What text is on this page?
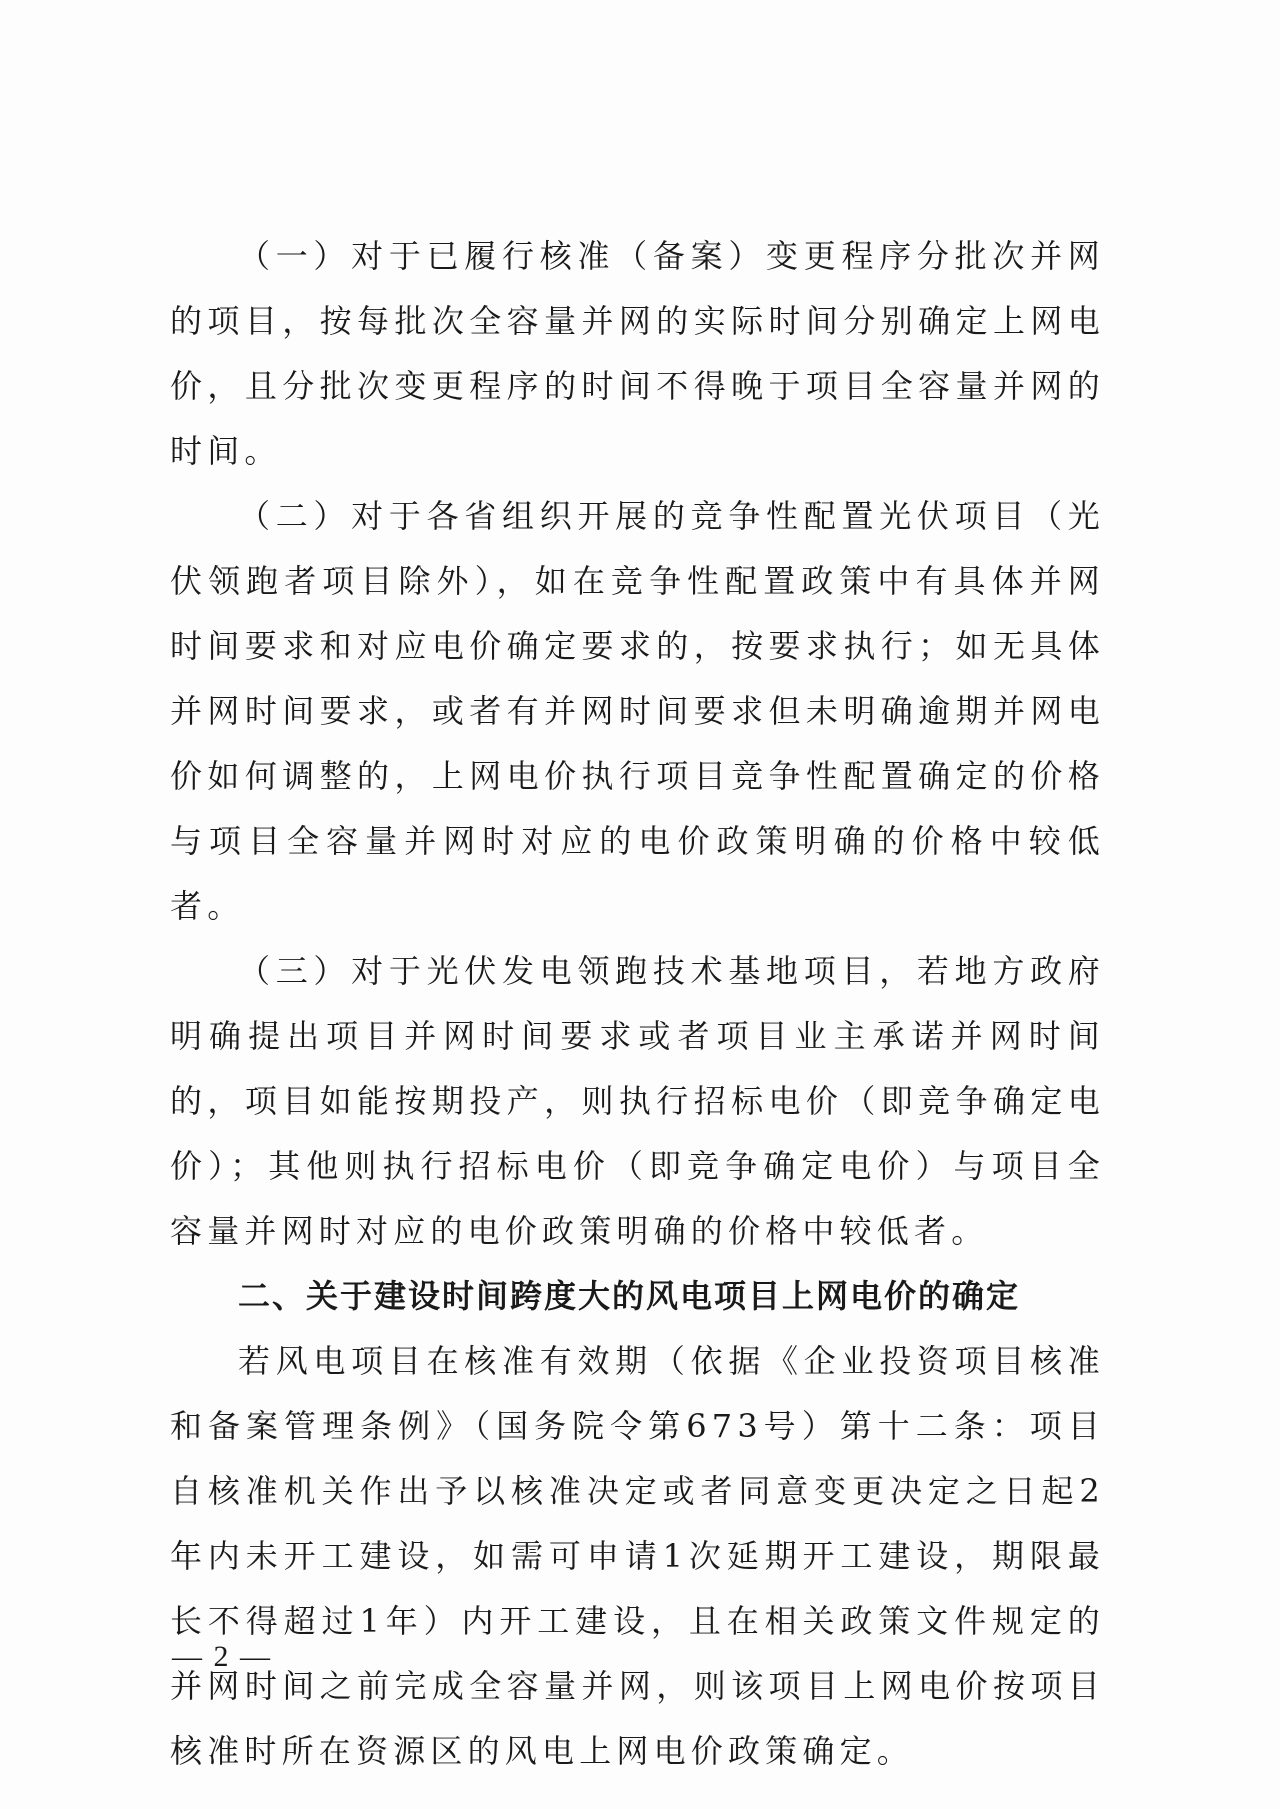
（一）对于已履行核准（备案）变更程序分批次并网的项目，按每批次全容量并网的实际时间分别确定上网电价，且分批次变更程序的时间不得晚于项目全容量并网的时间。

（二）对于各省组织开展的竞争性配置光伏项目（光伏领跑者项目除外），如在竞争性配置政策中有具体并网时间要求和对应电价确定要求的，按要求执行；如无具体并网时间要求，或者有并网时间要求但未明确逾期并网电价如何调整的，上网电价执行项目竞争性配置确定的价格与项目全容量并网时对应的电价政策明确的价格中较低者。

（三）对于光伏发电领跑技术基地项目，若地方政府明确提出项目并网时间要求或者项目业主承诺并网时间的，项目如能按期投产，则执行招标电价（即竞争确定电价）；其他则执行招标电价（即竞争确定电价）与项目全容量并网时对应的电价政策明确的价格中较低者。

二、关于建设时间跨度大的风电项目上网电价的确定

若风电项目在核准有效期（依据《企业投资项目核准和备案管理条例》（国务院令第673号）第十二条：项目自核准机关作出予以核准决定或者同意变更决定之日起2年内未开工建设，如需可申请1次延期开工建设，期限最长不得超过1年）内开工建设，且在相关政策文件规定的并网时间之前完成全容量并网，则该项目上网电价按项目核准时所在资源区的风电上网电价政策确定。

— 2 —
